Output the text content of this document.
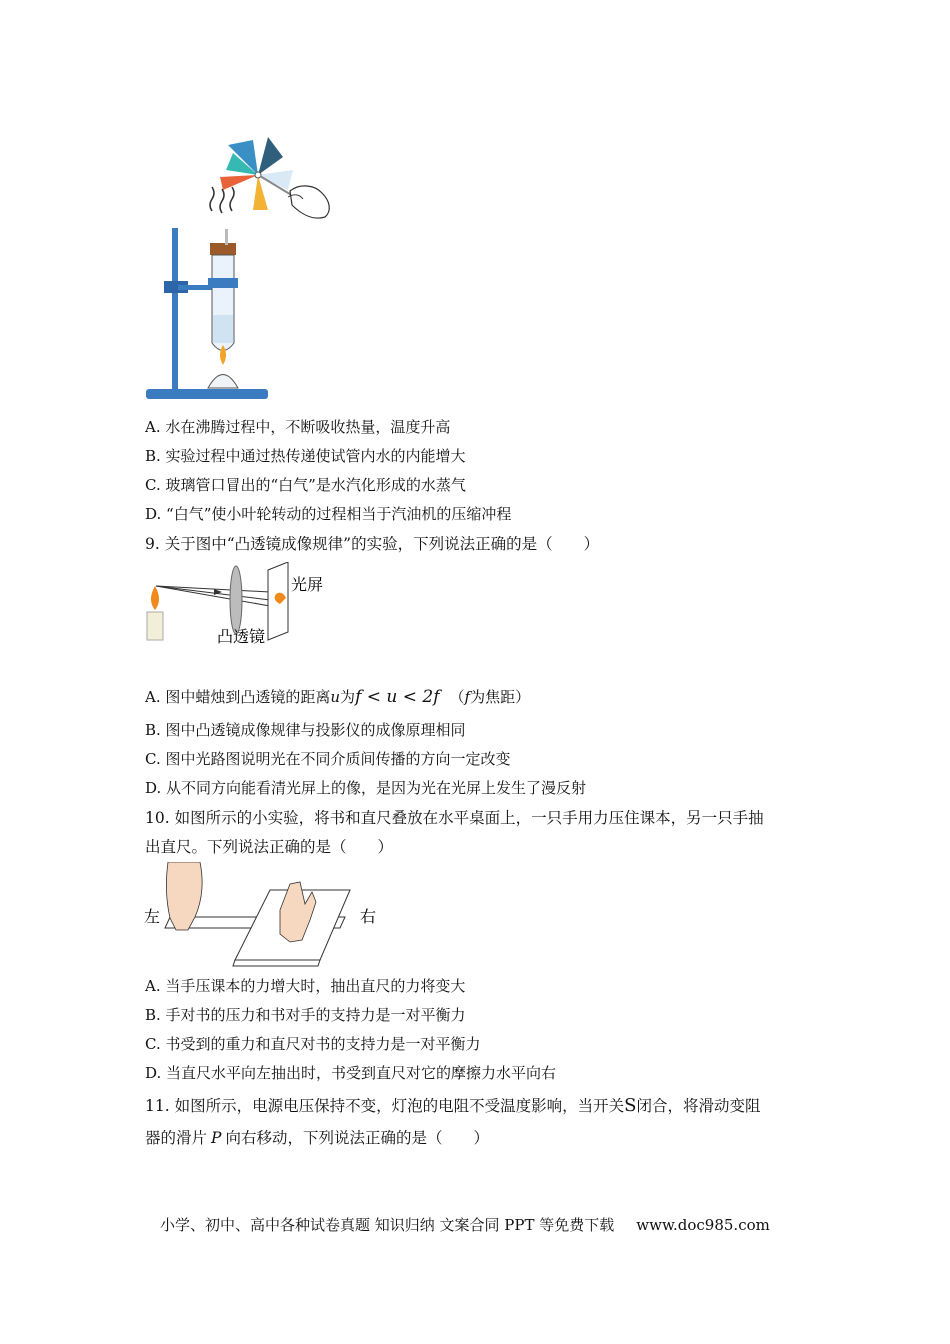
A. 水在沸腾过程中，不断吸收热量，温度升高
B. 实验过程中通过热传递使试管内水的内能增大
C. 玻璃管口冒出的“白气”是水汽化形成的水蒸气
D. “白气”使小叶轮转动的过程相当于汽油机的压缩冲程
9. 关于图中“凸透镜成像规律”的实验，下列说法正确的是（　　）
光屏
凸透镜
A. 图中蜡烛到凸透镜的距离u为f < u < 2f （f为焦距）
B. 图中凸透镜成像规律与投影仪的成像原理相同
C. 图中光路图说明光在不同介质间传播的方向一定改变
D. 从不同方向能看清光屏上的像，是因为光在光屏上发生了漫反射
10. 如图所示的小实验，将书和直尺叠放在水平桌面上，一只手用力压住课本，另一只手抽
出直尺。下列说法正确的是（　　）
左	右
A. 当手压课本的力增大时，抽出直尺的力将变大
B. 手对书的压力和书对手的支持力是一对平衡力
C. 书受到的重力和直尺对书的支持力是一对平衡力
D. 当直尺水平向左抽出时，书受到直尺对它的摩擦力水平向右
11. 如图所示，电源电压保持不变，灯泡的电阻不受温度影响，当开关S闭合，将滑动变阻
器的滑片 P 向右移动，下列说法正确的是（　　）
小学、初中、高中各种试卷真题 知识归纳 文案合同 PPT 等免费下载 www.doc985.com
